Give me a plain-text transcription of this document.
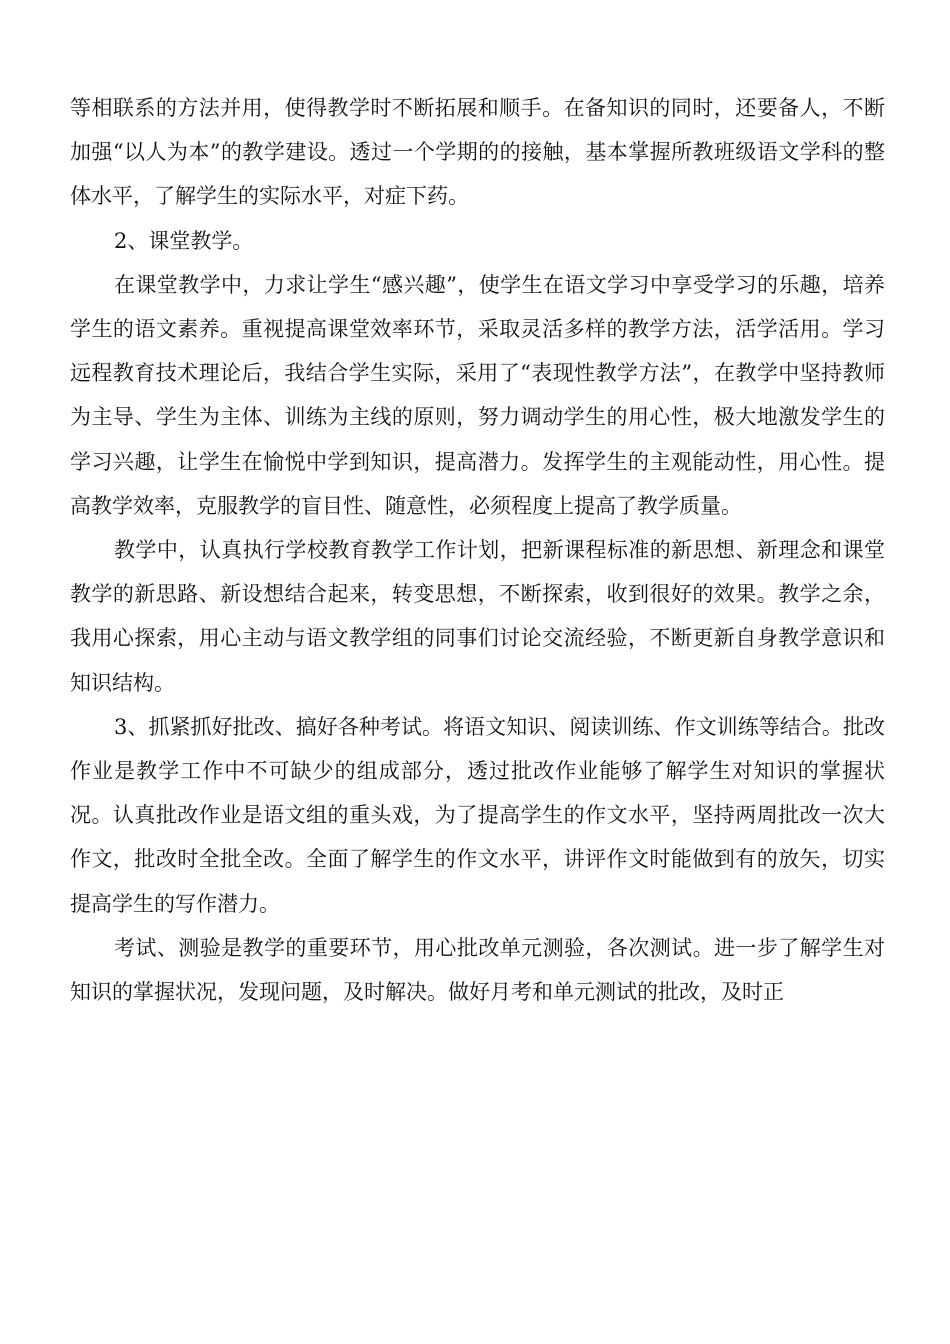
等相联系的方法并用，使得教学时不断拓展和顺手。在备知识的同时，还要备人，不断加强“以人为本”的教学建设。透过一个学期的的接触，基本掌握所教班级语文学科的整体水平，了解学生的实际水平，对症下药。

2、课堂教学。

在课堂教学中，力求让学生“感兴趣”，使学生在语文学习中享受学习的乐趣，培养学生的语文素养。重视提高课堂效率环节，采取灵活多样的教学方法，活学活用。学习远程教育技术理论后，我结合学生实际，采用了“表现性教学方法”，在教学中坚持教师为主导、学生为主体、训练为主线的原则，努力调动学生的用心性，极大地激发学生的学习兴趣，让学生在愉悦中学到知识，提高潜力。发挥学生的主观能动性，用心性。提高教学效率，克服教学的盲目性、随意性，必须程度上提高了教学质量。

教学中，认真执行学校教育教学工作计划，把新课程标准的新思想、新理念和课堂教学的新思路、新设想结合起来，转变思想，不断探索，收到很好的效果。教学之余，我用心探索，用心主动与语文教学组的同事们讨论交流经验，不断更新自身教学意识和知识结构。

3、抓紧抓好批改、搞好各种考试。将语文知识、阅读训练、作文训练等结合。批改作业是教学工作中不可缺少的组成部分，透过批改作业能够了解学生对知识的掌握状况。认真批改作业是语文组的重头戏，为了提高学生的作文水平，坚持两周批改一次大作文，批改时全批全改。全面了解学生的作文水平，讲评作文时能做到有的放矢，切实提高学生的写作潜力。

考试、测验是教学的重要环节，用心批改单元测验，各次测试。进一步了解学生对知识的掌握状况，发现问题，及时解决。做好月考和单元测试的批改，及时正
